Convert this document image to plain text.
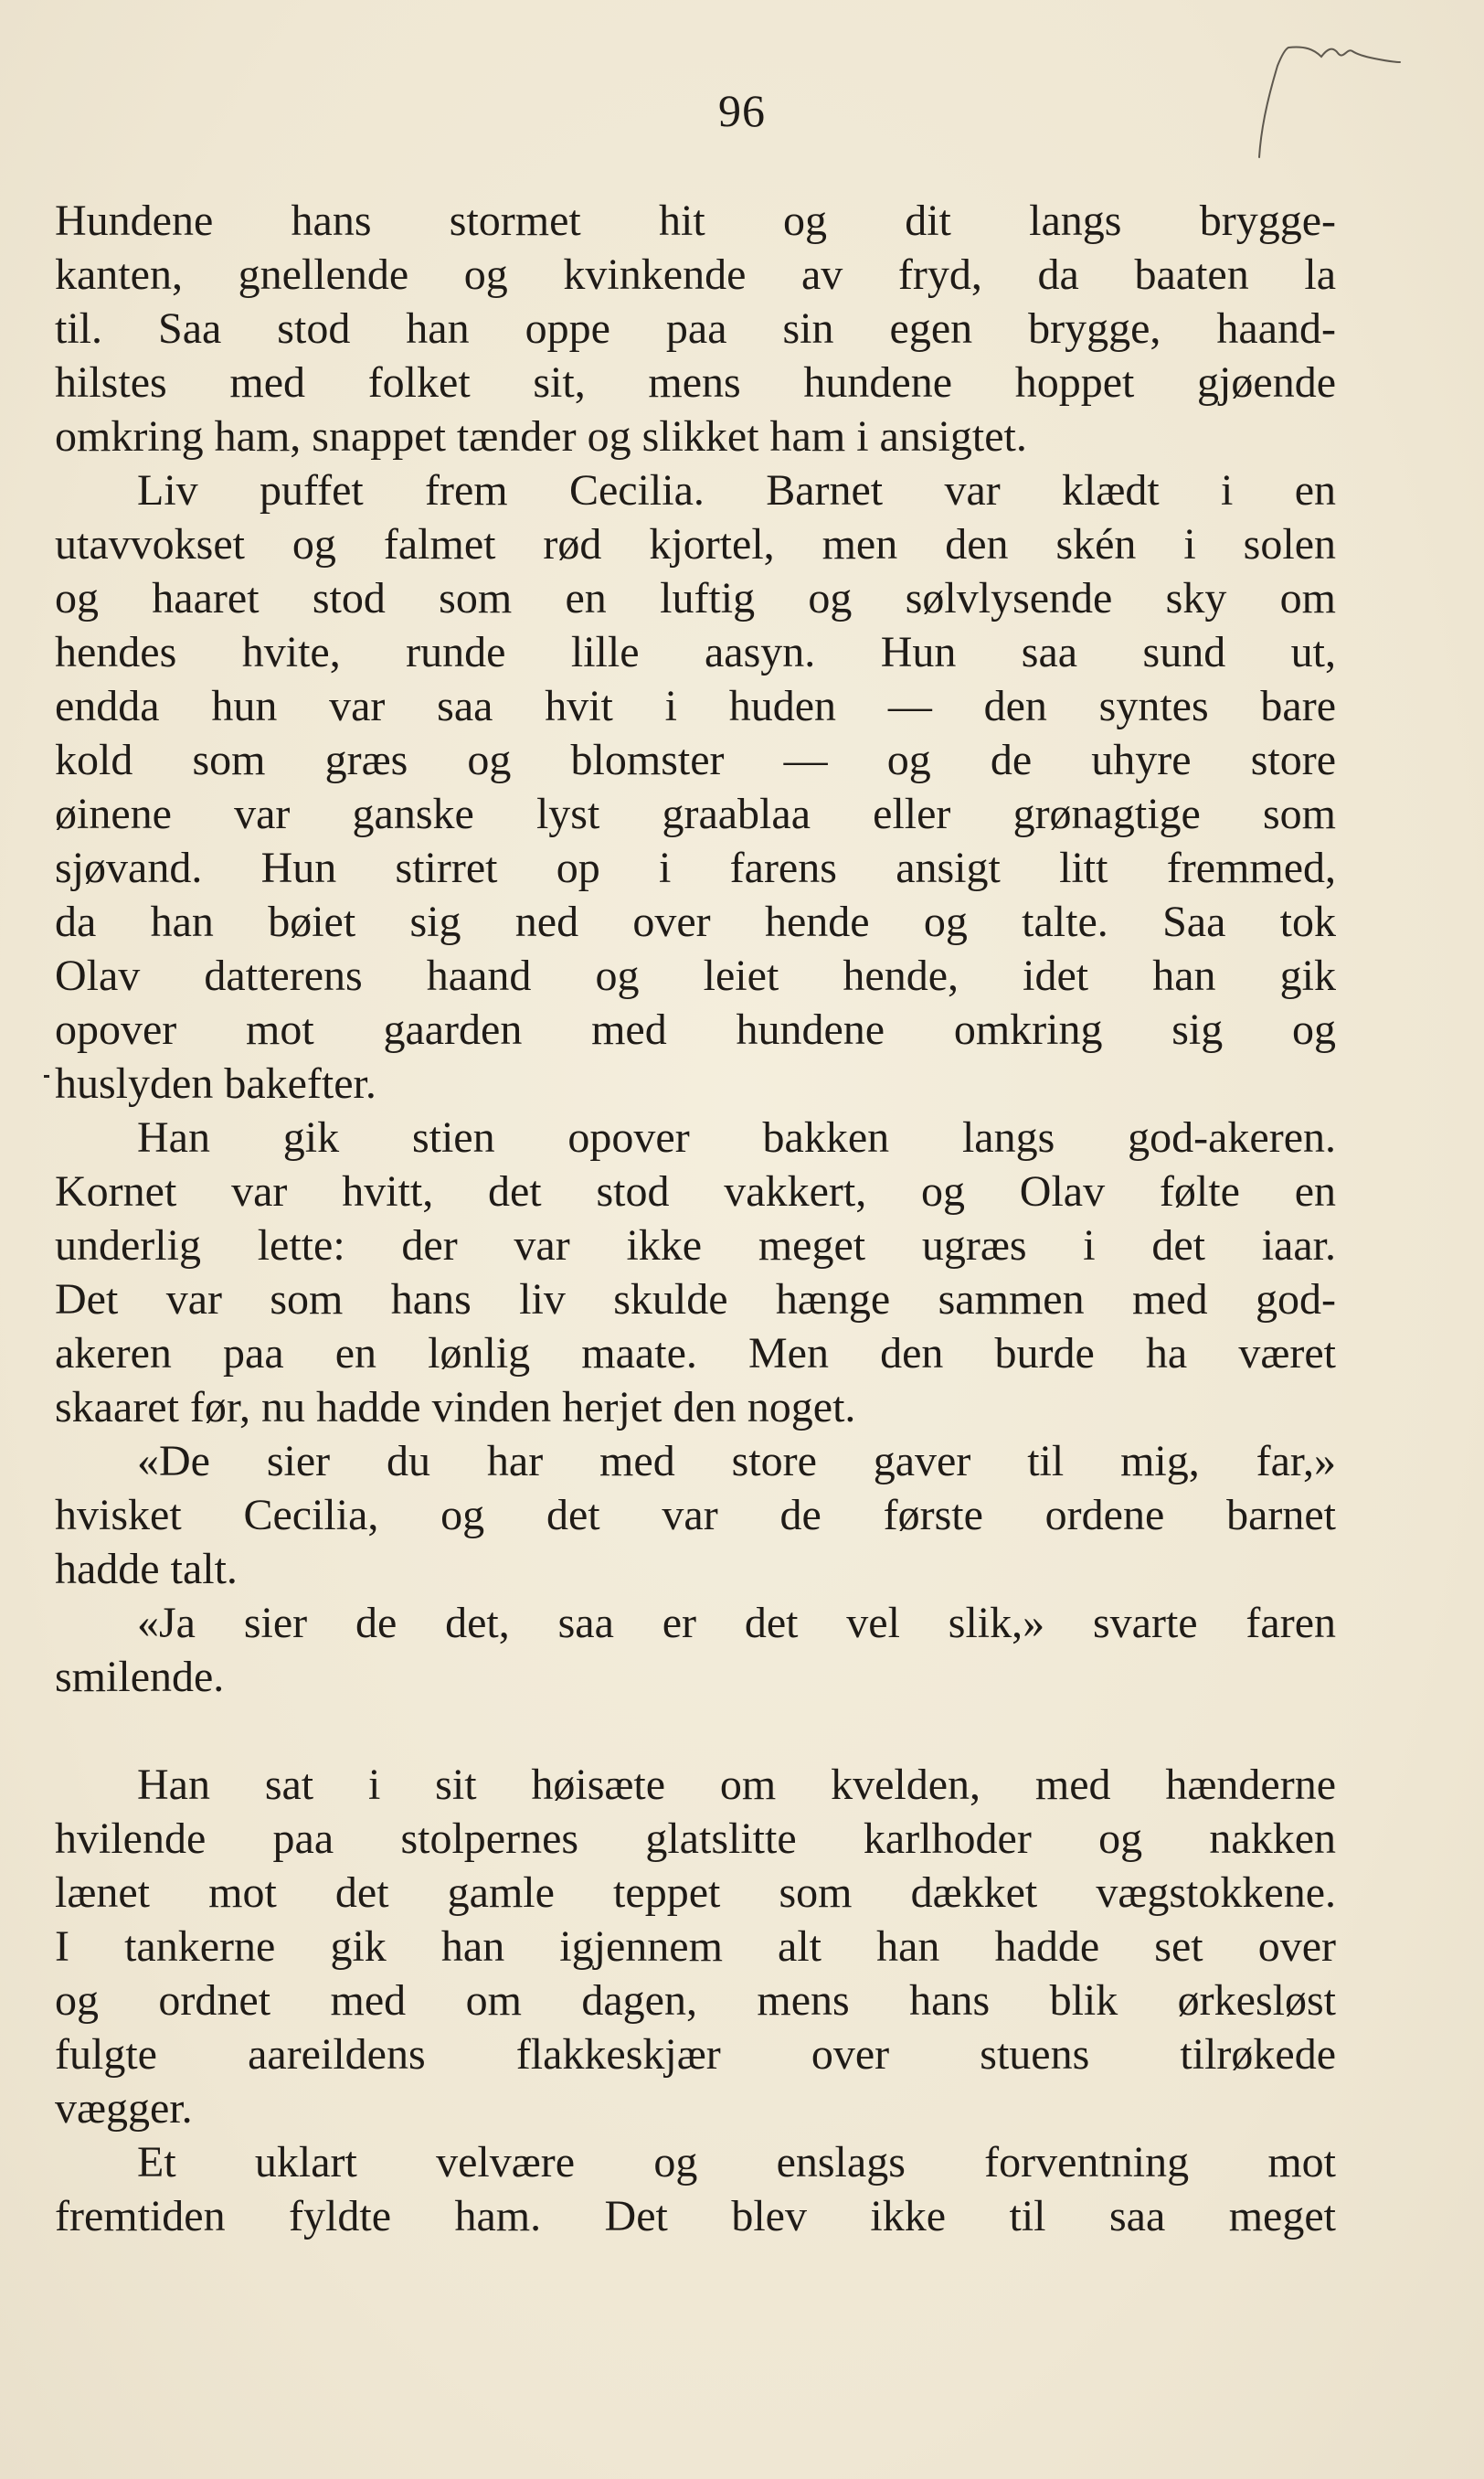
96
Hundene hans stormet hit og dit langs brygge-
kanten, gnellende og kvinkende av fryd, da baaten la
til. Saa stod han oppe paa sin egen brygge, haand-
hilstes med folket sit, mens hundene hoppet gjøende
omkring ham, snappet tænder og slikket ham i ansigtet.
Liv puffet frem Cecilia. Barnet var klædt i en
utavvokset og falmet rød kjortel, men den skén i solen
og haaret stod som en luftig og sølvlysende sky om
hendes hvite, runde lille aasyn. Hun saa sund ut,
endda hun var saa hvit i huden — den syntes bare
kold som græs og blomster — og de uhyre store
øinene var ganske lyst graablaa eller grønagtige som
sjøvand. Hun stirret op i farens ansigt litt fremmed,
da han bøiet sig ned over hende og talte. Saa tok
Olav datterens haand og leiet hende, idet han gik
opover mot gaarden med hundene omkring sig og
huslyden bakefter.
Han gik stien opover bakken langs god-akeren.
Kornet var hvitt, det stod vakkert, og Olav følte en
underlig lette: der var ikke meget ugræs i det iaar.
Det var som hans liv skulde hænge sammen med god-
akeren paa en lønlig maate. Men den burde ha været
skaaret før, nu hadde vinden herjet den noget.
«De sier du har med store gaver til mig, far,»
hvisket Cecilia, og det var de første ordene barnet
hadde talt.
«Ja sier de det, saa er det vel slik,» svarte faren
smilende.
Han sat i sit høisæte om kvelden, med hænderne
hvilende paa stolpernes glatslitte karlhoder og nakken
lænet mot det gamle teppet som dækket vægstokkene.
I tankerne gik han igjennem alt han hadde set over
og ordnet med om dagen, mens hans blik ørkesløst
fulgte aareildens flakkeskjær over stuens tilrøkede
vægger.
Et uklart velvære og enslags forventning mot
fremtiden fyldte ham. Det blev ikke til saa meget
